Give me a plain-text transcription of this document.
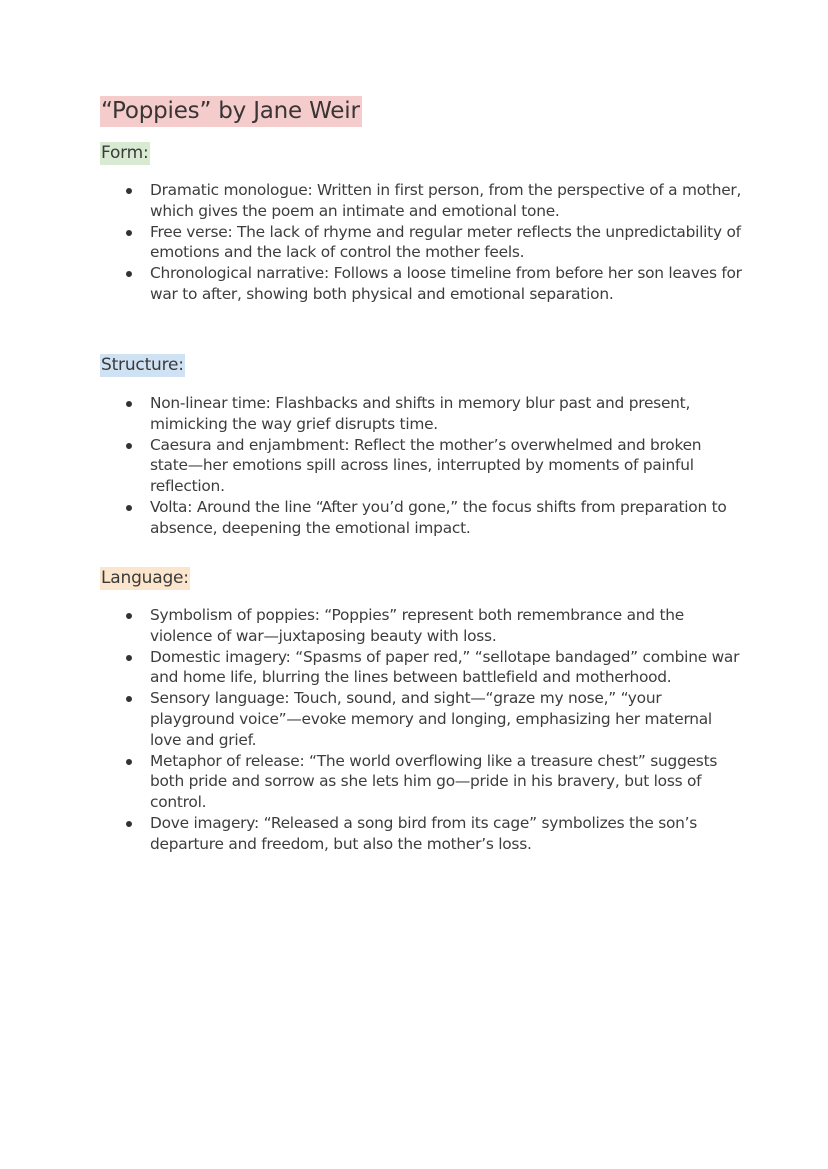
“Poppies” by Jane Weir
Form:
Dramatic monologue: Written in first person, from the perspective of a mother, which gives the poem an intimate and emotional tone.
Free verse: The lack of rhyme and regular meter reflects the unpredictability of emotions and the lack of control the mother feels.
Chronological narrative: Follows a loose timeline from before her son leaves for war to after, showing both physical and emotional separation.
Structure:
Non-linear time: Flashbacks and shifts in memory blur past and present, mimicking the way grief disrupts time.
Caesura and enjambment: Reflect the mother’s overwhelmed and broken state—her emotions spill across lines, interrupted by moments of painful reflection.
Volta: Around the line “After you’d gone,” the focus shifts from preparation to absence, deepening the emotional impact.
Language:
Symbolism of poppies: “Poppies” represent both remembrance and the violence of war—juxtaposing beauty with loss.
Domestic imagery: “Spasms of paper red,” “sellotape bandaged” combine war and home life, blurring the lines between battlefield and motherhood.
Sensory language: Touch, sound, and sight—“graze my nose,” “your playground voice”—evoke memory and longing, emphasizing her maternal love and grief.
Metaphor of release: “The world overflowing like a treasure chest” suggests both pride and sorrow as she lets him go—pride in his bravery, but loss of control.
Dove imagery: “Released a song bird from its cage” symbolizes the son’s departure and freedom, but also the mother’s loss.
